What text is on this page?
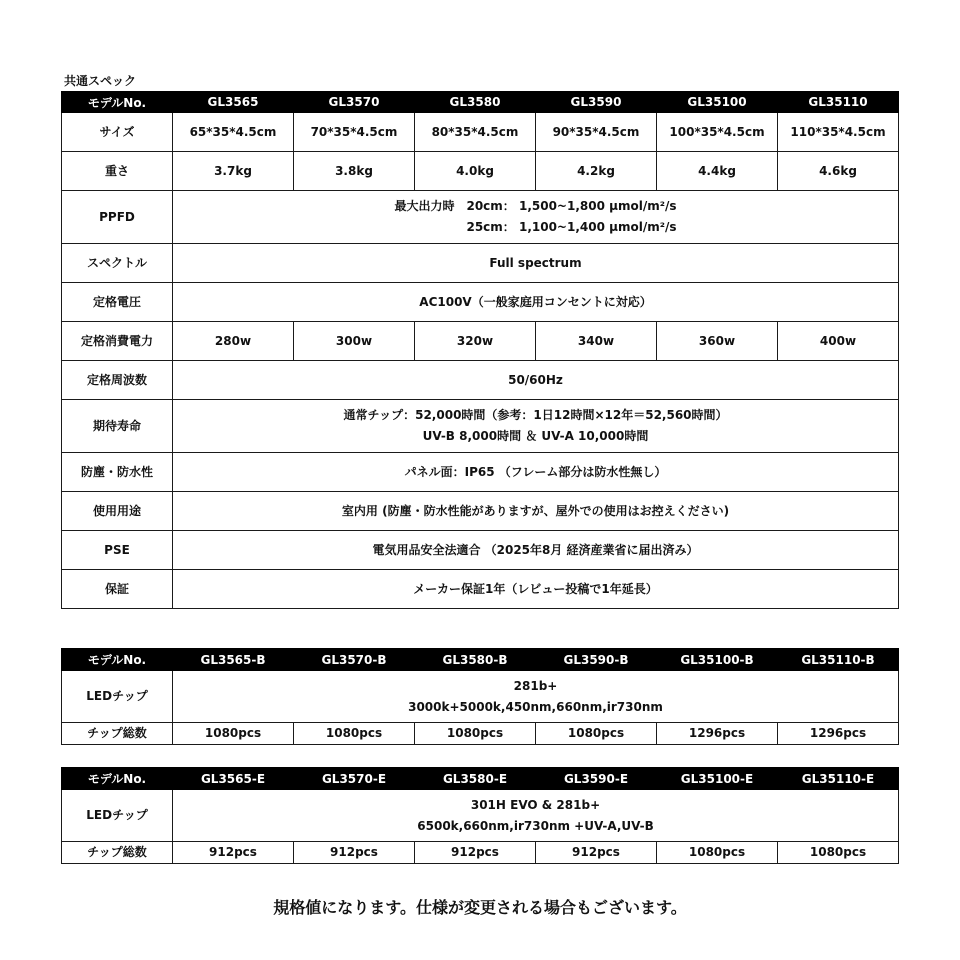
共通スペック
モデルNo.	GL3565	GL3570	GL3580	GL3590	GL35100	GL35110
サイズ	65*35*4.5cm	70*35*4.5cm	80*35*4.5cm	90*35*4.5cm	100*35*4.5cm	110*35*4.5cm
重さ	3.7kg	3.8kg	4.0kg	4.2kg	4.4kg	4.6kg
PPFD	最大出力時　20cm： 1,500~1,800 μmol/m²/s
　　　　　　25cm： 1,100~1,400 μmol/m²/s					

スペクトル	Full spectrum					
定格電圧	AC100V（一般家庭用コンセントに対応）					
定格消費電力	280w	300w	320w	340w	360w	400w
定格周波数	50/60Hz					
期待寿命	通常チップ：52,000時間（参考：1日12時間×12年＝52,560時間）
UV-B 8,000時間 ＆ UV-A 10,000時間					

防塵・防水性	パネル面：IP65 （フレーム部分は防水性無し）					
使用用途	室内用 (防塵・防水性能がありますが、屋外での使用はお控えください)					
PSE	電気用品安全法適合 （2025年8月 経済産業省に届出済み）					
保証	メーカー保証1年（レビュー投稿で1年延長）					
モデルNo.	GL3565-B	GL3570-B	GL3580-B	GL3590-B	GL35100-B	GL35110-B
LEDチップ	281b+
3000k+5000k,450nm,660nm,ir730nm					

チップ総数	1080pcs	1080pcs	1080pcs	1080pcs	1296pcs	1296pcs
モデルNo.	GL3565-E	GL3570-E	GL3580-E	GL3590-E	GL35100-E	GL35110-E
LEDチップ	301H EVO & 281b+
6500k,660nm,ir730nm +UV-A,UV-B					

チップ総数	912pcs	912pcs	912pcs	912pcs	1080pcs	1080pcs
規格値になります。仕様が変更される場合もございます。
